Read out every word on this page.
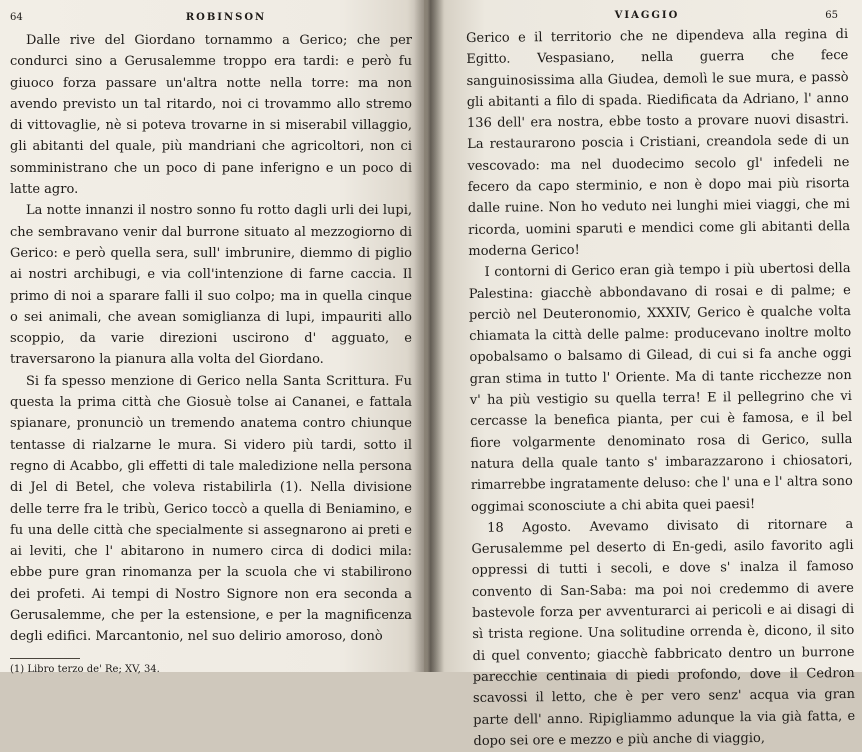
64	ROBINSON

Dalle rive del Giordano tornammo a Gerico; che per condurci sino a Gerusalemme troppo era tardi: e però fu giuoco forza passare un'altra notte nella torre: ma non avendo previsto un tal ritardo, noi ci trovammo allo stremo di vittovaglie, nè si poteva trovarne in si miserabil villaggio, gli abitanti del quale, più mandriani che agricoltori, non ci somministrano che un poco di pane inferigno e un poco di latte agro.

La notte innanzi il nostro sonno fu rotto dagli urli dei lupi, che sembravano venir dal burrone situato al mezzogiorno di Gerico: e però quella sera, sull' imbrunire, diemmo di piglio ai nostri archibugi, e via coll'intenzione di farne caccia. Il primo di noi a sparare falli il suo colpo; ma in quella cinque o sei animali, che avean somiglianza di lupi, impauriti allo scoppio, da varie direzioni uscirono d' agguato, e traversarono la pianura alla volta del Giordano.

Si fa spesso menzione di Gerico nella Santa Scrittura. Fu questa la prima città che Giosuè tolse ai Cananei, e fattala spianare, pronunciò un tremendo anatema contro chiunque tentasse di rialzarne le mura. Si videro più tardi, sotto il regno di Acabbo, gli effetti di tale maledizione nella persona di Jel di Betel, che voleva ristabilirla (1). Nella divisione delle terre fra le tribù, Gerico toccò a quella di Beniamino, e fu una delle città che specialmente si assegnarono ai preti e ai leviti, che l' abitarono in numero circa di dodici mila: ebbe pure gran rinomanza per la scuola che vi stabilirono dei profeti. Ai tempi di Nostro Signore non era seconda a Gerusalemme, che per la estensione, e per la magnificenza degli edifici. Marcantonio, nel suo delirio amoroso, donò

(1) Libro terzo de' Re; XV, 34.
VIAGGIO	65

Gerico e il territorio che ne dipendeva alla regina di Egitto. Vespasiano, nella guerra che fece sanguinosissima alla Giudea, demolì le sue mura, e passò gli abitanti a filo di spada. Riedificata da Adriano, l' anno 136 dell' era nostra, ebbe tosto a provare nuovi disastri. La restaurarono poscia i Cristiani, creandola sede di un vescovado: ma nel duodecimo secolo gl' infedeli ne fecero da capo sterminio, e non è dopo mai più risorta dalle ruine. Non ho veduto nei lunghi miei viaggi, che mi ricorda, uomini sparuti e mendici come gli abitanti della moderna Gerico!

I contorni di Gerico eran già tempo i più ubertosi della Palestina: giacchè abbondavano di rosai e di palme; e perciò nel Deuteronomio, XXXIV, Gerico è qualche volta chiamata la città delle palme: producevano inoltre molto opobalsamo o balsamo di Gilead, di cui si fa anche oggi gran stima in tutto l' Oriente. Ma di tante ricchezze non v' ha più vestigio su quella terra! E il pellegrino che vi cercasse la benefica pianta, per cui è famosa, e il bel fiore volgarmente denominato rosa di Gerico, sulla natura della quale tanto s' imbarazzarono i chiosatori, rimarrebbe ingratamente deluso: che l' una e l' altra sono oggimai sconosciute a chi abita quei paesi!

18 Agosto. Avevamo divisato di ritornare a Gerusalemme pel deserto di En-gedi, asilo favorito agli oppressi di tutti i secoli, e dove s' inalza il famoso convento di San-Saba: ma poi noi credemmo di avere bastevole forza per avventurarci ai pericoli e ai disagi di sì trista regione. Una solitudine orrenda è, dicono, il sito di quel convento; giacchè fabbricato dentro un burrone parecchie centinaia di piedi profondo, dove il Cedron scavossi il letto, che è per vero senz' acqua via gran parte dell' anno. Ripigliammo adunque la via già fatta, e dopo sei ore e mezzo e più anche di viaggio,
